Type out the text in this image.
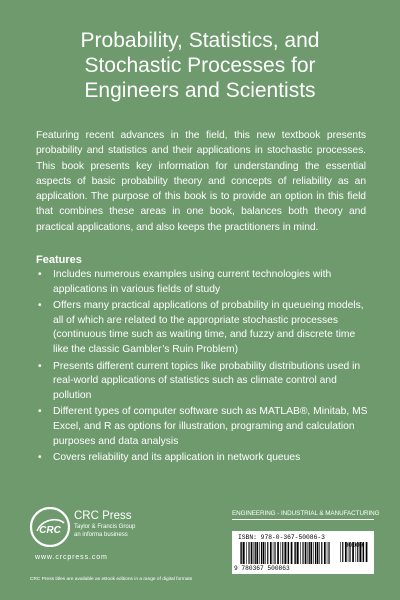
Probability, Statistics, and
Stochastic Processes for
Engineers and Scientists
Featuring recent advances in the field, this new textbook presents probability and statistics and their applications in stochastic processes. This book presents key information for understanding the essential aspects of basic probability theory and concepts of reliability as an application. The purpose of this book is to provide an option in this field that combines these areas in one book, balances both theory and practical applications, and also keeps the practitioners in mind.
Features
• Includes numerous examples using current technologies with applications in various fields of study
• Offers many practical applications of probability in queueing models, all of which are related to the appropriate stochastic processes (continuous time such as waiting time, and fuzzy and discrete time like the classic Gambler’s Ruin Problem)
• Presents different current topics like probability distributions used in real-world applications of statistics such as climate control and pollution
• Different types of computer software such as MATLAB®, Minitab, MS Excel, and R as options for illustration, programing and calculation purposes and data analysis
• Covers reliability and its application in network queues
ENGINEERING - INDUSTRIAL & MANUFACTURING
ISBN: 978-0-367-50086-3
90000
9 780367 500863
CRC
CRC Press
Taylor & Francis Group
an informa business
www.crcpress.com
CRC Press titles are available as eBook editions in a range of digital formats
